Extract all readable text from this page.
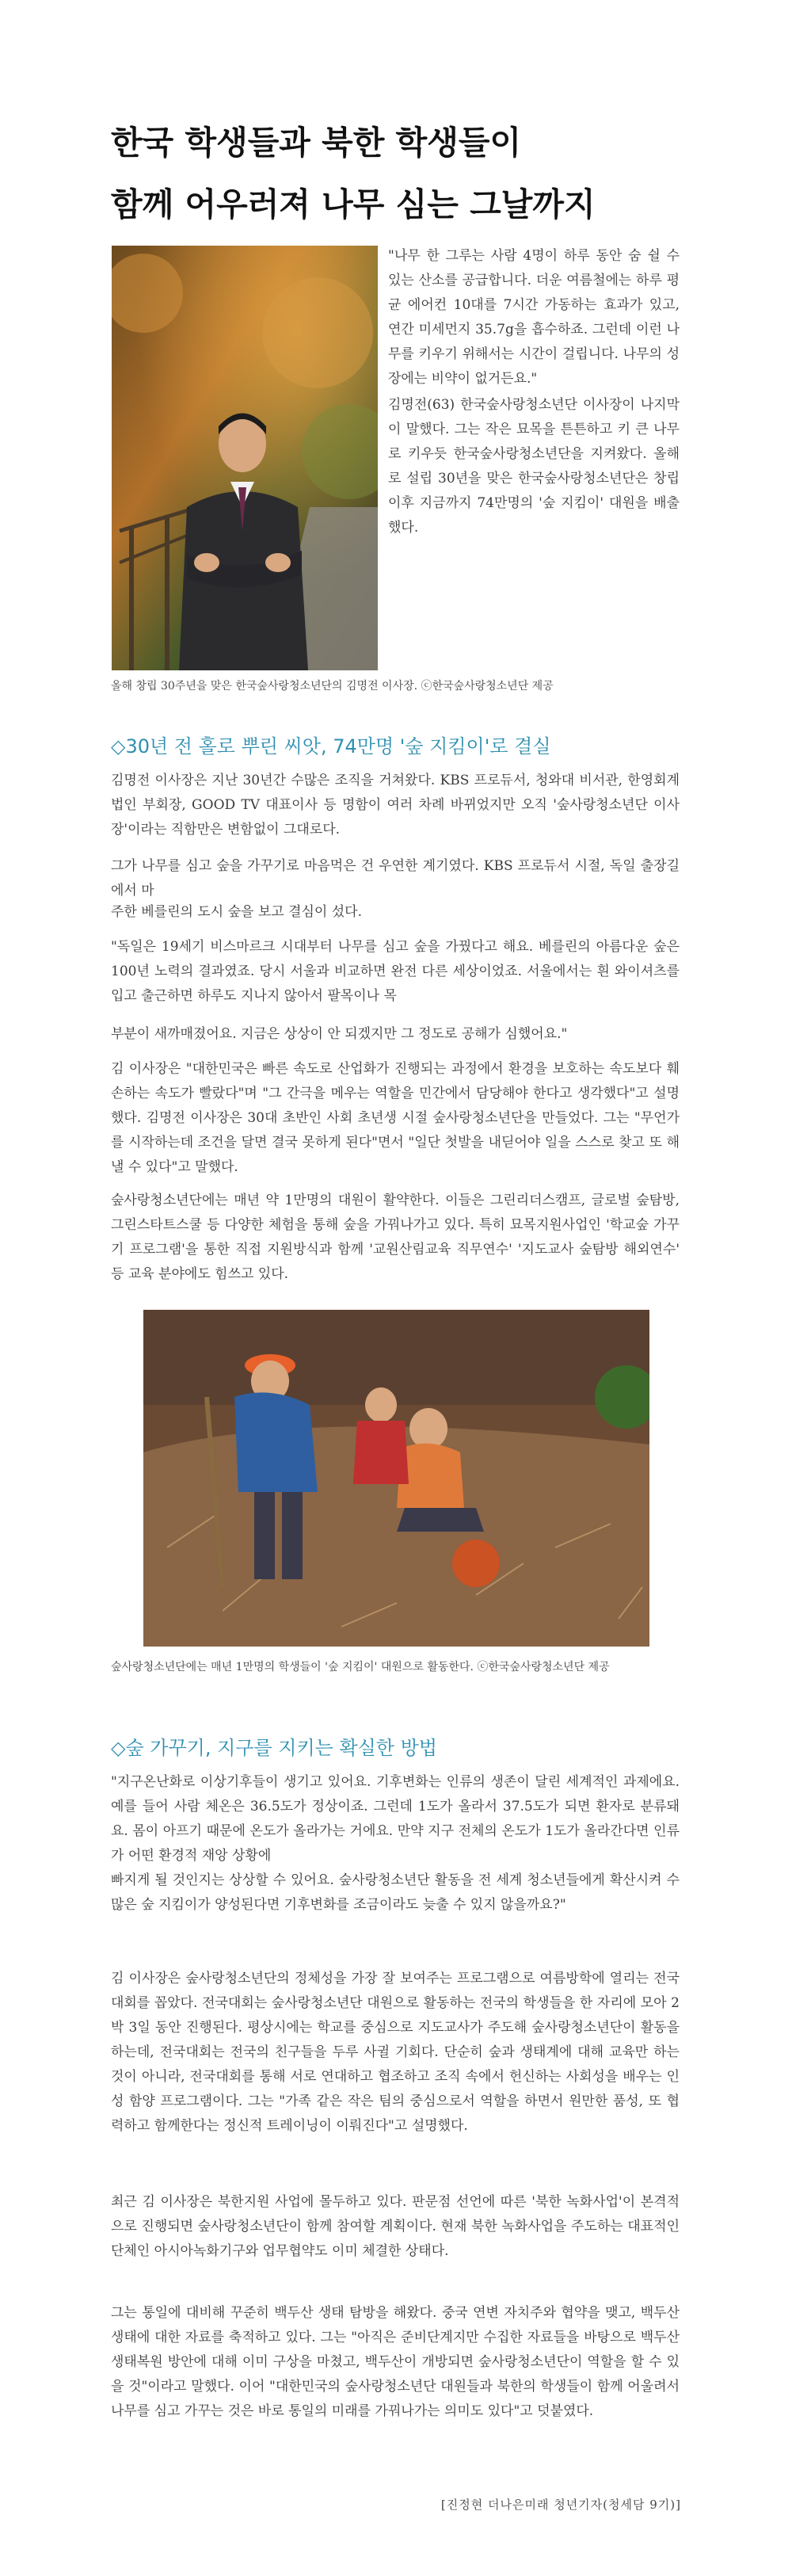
한국 학생들과 북한 학생들이
함께 어우러져 나무 심는 그날까지

"나무 한 그루는 사람 4명이 하루 동안 숨 쉴 수 있는 산소를 공급합니다. 더운 여름철에는 하루 평균 에어컨 10대를 7시간 가동하는 효과가 있고, 연간 미세먼지 35.7g을 흡수하죠. 그런데 이런 나무를 키우기 위해서는 시간이 걸립니다. 나무의 성장에는 비약이 없거든요."

김명전(63) 한국숲사랑청소년단 이사장이 나지막이 말했다. 그는 작은 묘목을 튼튼하고 키 큰 나무로 키우듯 한국숲사랑청소년단을 지켜왔다. 올해로 설립 30년을 맞은 한국숲사랑청소년단은 창립 이후 지금까지 74만명의 '숲 지킴이' 대원을 배출했다.

올해 창립 30주년을 맞은 한국숲사랑청소년단의 김명전 이사장. ⓒ한국숲사랑청소년단 제공

◇30년 전 홀로 뿌린 씨앗, 74만명 '숲 지킴이'로 결실

김명전 이사장은 지난 30년간 수많은 조직을 거쳐왔다. KBS 프로듀서, 청와대 비서관, 한영회계법인 부회장, GOOD TV 대표이사 등 명함이 여러 차례 바뀌었지만 오직 '숲사랑청소년단 이사장'이라는 직함만은 변함없이 그대로다.

그가 나무를 심고 숲을 가꾸기로 마음먹은 건 우연한 계기였다. KBS 프로듀서 시절, 독일 출장길에서 마

주한 베를린의 도시 숲을 보고 결심이 섰다.

"독일은 19세기 비스마르크 시대부터 나무를 심고 숲을 가꿨다고 해요. 베를린의 아름다운 숲은 100년 노력의 결과였죠. 당시 서울과 비교하면 완전 다른 세상이었죠. 서울에서는 흰 와이셔츠를 입고 출근하면 하루도 지나지 않아서 팔목이나 목

부분이 새까매졌어요. 지금은 상상이 안 되겠지만 그 정도로 공해가 심했어요."

김 이사장은 "대한민국은 빠른 속도로 산업화가 진행되는 과정에서 환경을 보호하는 속도보다 훼손하는 속도가 빨랐다"며 "그 간극을 메우는 역할을 민간에서 담당해야 한다고 생각했다"고 설명했다. 김명전 이사장은 30대 초반인 사회 초년생 시절 숲사랑청소년단을 만들었다. 그는 "무언가를 시작하는데 조건을 달면 결국 못하게 된다"면서 "일단 첫발을 내딛어야 일을 스스로 찾고 또 해낼 수 있다"고 말했다.

숲사랑청소년단에는 매년 약 1만명의 대원이 활약한다. 이들은 그린리더스캠프, 글로벌 숲탐방, 그린스타트스쿨 등 다양한 체험을 통해 숲을 가꿔나가고 있다. 특히 묘목지원사업인 '학교숲 가꾸기 프로그램'을 통한 직접 지원방식과 함께 '교원산림교육 직무연수' '지도교사 숲탐방 해외연수' 등 교육 분야에도 힘쓰고 있다.

숲사랑청소년단에는 매년 1만명의 학생들이 '숲 지킴이' 대원으로 활동한다. ⓒ한국숲사랑청소년단 제공

◇숲 가꾸기, 지구를 지키는 확실한 방법

"지구온난화로 이상기후들이 생기고 있어요. 기후변화는 인류의 생존이 달린 세계적인 과제에요. 예를 들어 사람 체온은 36.5도가 정상이죠. 그런데 1도가 올라서 37.5도가 되면 환자로 분류돼요. 몸이 아프기 때문에 온도가 올라가는 거에요. 만약 지구 전체의 온도가 1도가 올라간다면 인류가 어떤 환경적 재앙 상황에

빠지게 될 것인지는 상상할 수 있어요. 숲사랑청소년단 활동을 전 세계 청소년들에게 확산시켜 수많은 숲 지킴이가 양성된다면 기후변화를 조금이라도 늦출 수 있지 않을까요?"

김 이사장은 숲사랑청소년단의 정체성을 가장 잘 보여주는 프로그램으로 여름방학에 열리는 전국대회를 꼽았다. 전국대회는 숲사랑청소년단 대원으로 활동하는 전국의 학생들을 한 자리에 모아 2박 3일 동안 진행된다. 평상시에는 학교를 중심으로 지도교사가 주도해 숲사랑청소년단이 활동을 하는데, 전국대회는 전국의 친구들을 두루 사귈 기회다. 단순히 숲과 생태계에 대해 교육만 하는 것이 아니라, 전국대회를 통해 서로 연대하고 협조하고 조직 속에서 헌신하는 사회성을 배우는 인성 함양 프로그램이다. 그는 "가족 같은 작은 팀의 중심으로서 역할을 하면서 원만한 품성, 또 협력하고 함께한다는 정신적 트레이닝이 이뤄진다"고 설명했다.

최근 김 이사장은 북한지원 사업에 몰두하고 있다. 판문점 선언에 따른 '북한 녹화사업'이 본격적으로 진행되면 숲사랑청소년단이 함께 참여할 계획이다. 현재 북한 녹화사업을 주도하는 대표적인 단체인 아시아녹화기구와 업무협약도 이미 체결한 상태다.

그는 통일에 대비해 꾸준히 백두산 생태 탐방을 해왔다. 중국 연변 자치주와 협약을 맺고, 백두산 생태에 대한 자료를 축적하고 있다. 그는 "아직은 준비단계지만 수집한 자료들을 바탕으로 백두산 생태복원 방안에 대해 이미 구상을 마쳤고, 백두산이 개방되면 숲사랑청소년단이 역할을 할 수 있을 것"이라고 말했다. 이어 "대한민국의 숲사랑청소년단 대원들과 북한의 학생들이 함께 어울려서 나무를 심고 가꾸는 것은 바로 통일의 미래를 가꿔나가는 의미도 있다"고 덧붙였다.

[진정현 더나은미래 청년기자(청세담 9기)]
